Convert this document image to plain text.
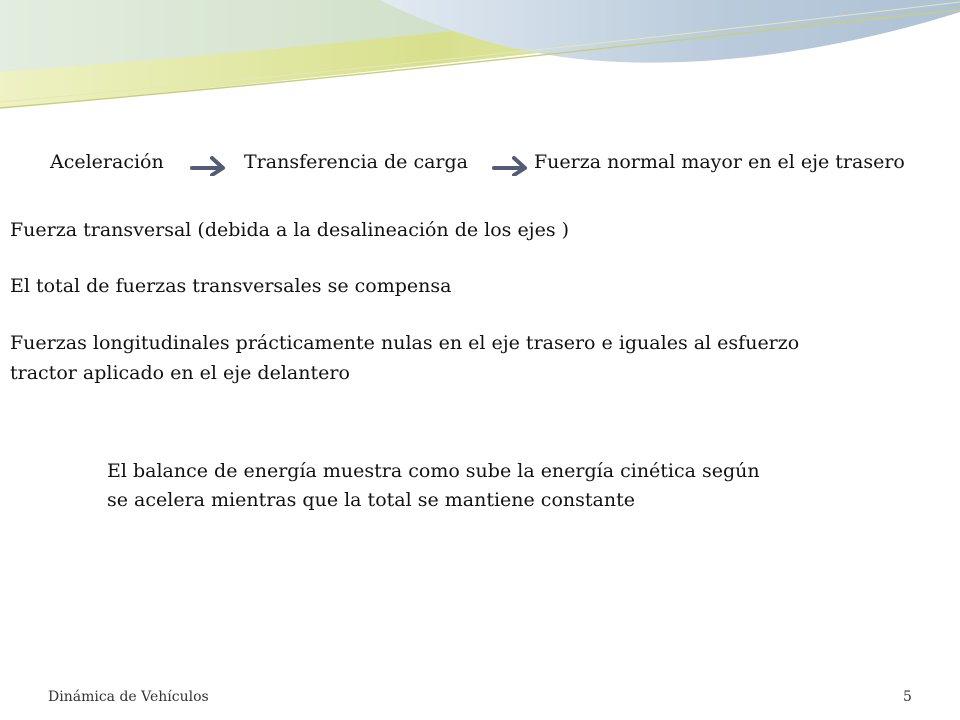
Aceleración	Transferencia de carga	Fuerza normal mayor en el eje trasero
Fuerza transversal (debida a la desalineación de los ejes )
El total de fuerzas transversales se compensa
Fuerzas longitudinales prácticamente nulas en el eje trasero e iguales al esfuerzo
tractor aplicado en el eje delantero
El balance de energía muestra como sube la energía cinética según
se acelera mientras que la total se mantiene constante
Dinámica de Vehículos	5
